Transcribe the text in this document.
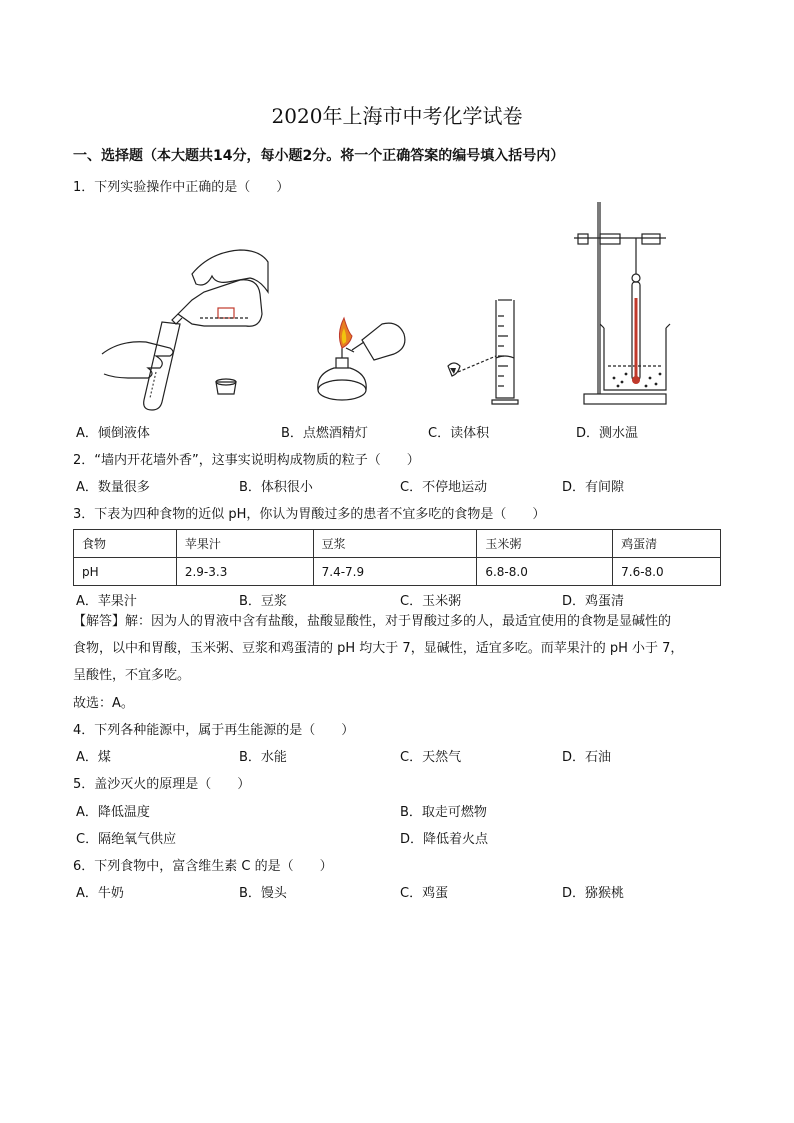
2020年上海市中考化学试卷
一、选择题（本大题共14分，每小题2分。将一个正确答案的编号填入括号内）
1．下列实验操作中正确的是（　　）
A．倾倒液体	B．点燃酒精灯	C．读体积	D．测水温
2．“墙内开花墙外香”，这事实说明构成物质的粒子（　　）
A．数量很多	B．体积很小	C．不停地运动	D．有间隙
3．下表为四种食物的近似 pH，你认为胃酸过多的患者不宜多吃的食物是（　　）
食物	苹果汁	豆浆	玉米粥	鸡蛋清
pH	2.9-3.3	7.4-7.9	6.8-8.0	7.6-8.0
A．苹果汁	B．豆浆	C．玉米粥	D．鸡蛋清
【解答】解：因为人的胃液中含有盐酸，盐酸显酸性，对于胃酸过多的人，最适宜使用的食物是显碱性的
食物，以中和胃酸，玉米粥、豆浆和鸡蛋清的 pH 均大于 7，显碱性，适宜多吃。而苹果汁的 pH 小于 7，
呈酸性，不宜多吃。
故选：A。
4．下列各种能源中，属于再生能源的是（　　）
A．煤	B．水能	C．天然气	D．石油
5．盖沙灭火的原理是（　　）
A．降低温度	B．取走可燃物
C．隔绝氧气供应	D．降低着火点
6．下列食物中，富含维生素 C 的是（　　）
A．牛奶	B．馒头	C．鸡蛋	D．猕猴桃
